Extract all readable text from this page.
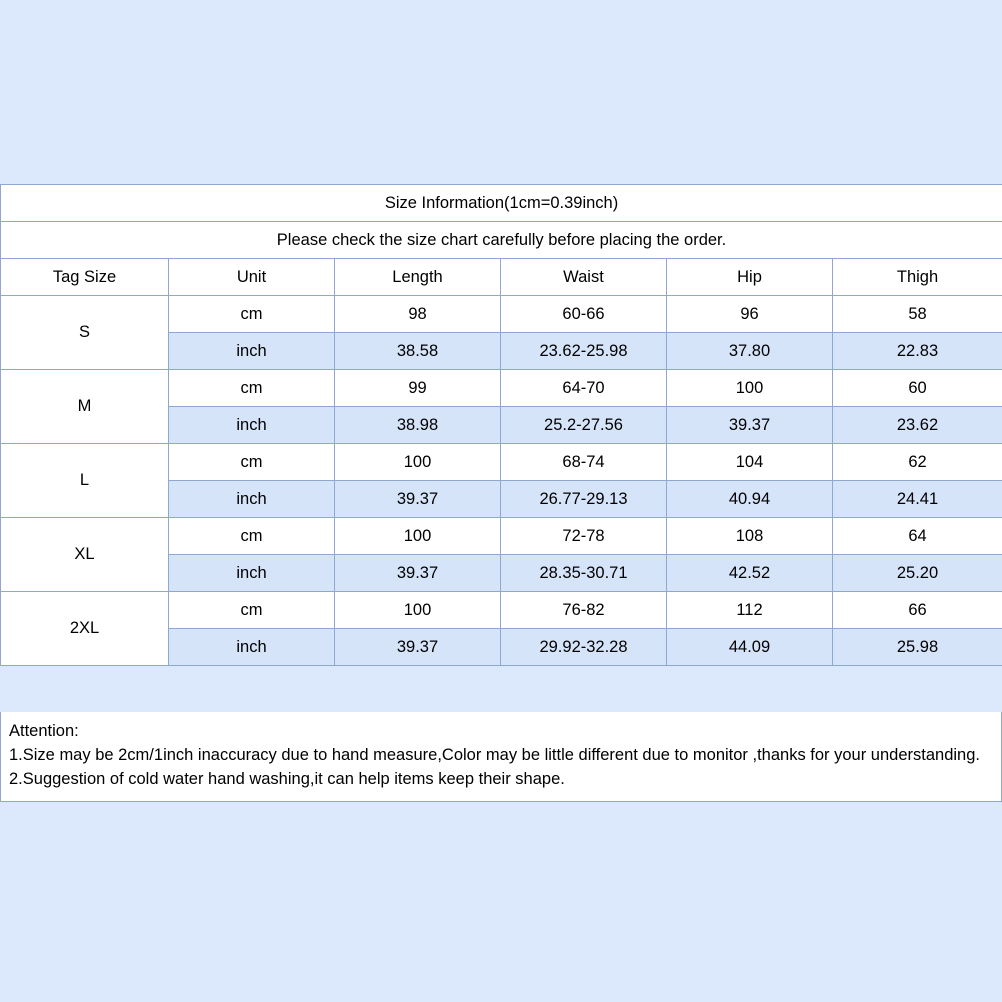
Size Information(1cm=0.39inch)					
Please check the size chart carefully before placing the order.					
Tag Size	Unit	Length	Waist	Hip	Thigh
S	cm	98	60-66	96	58
	inch	38.58	23.62-25.98	37.80	22.83
M	cm	99	64-70	100	60
	inch	38.98	25.2-27.56	39.37	23.62
L	cm	100	68-74	104	62
	inch	39.37	26.77-29.13	40.94	24.41
XL	cm	100	72-78	108	64
	inch	39.37	28.35-30.71	42.52	25.20
2XL	cm	100	76-82	112	66
	inch	39.37	29.92-32.28	44.09	25.98
Attention:
1.Size may be 2cm/1inch inaccuracy due to hand measure,Color may be little different due to monitor ,thanks for your understanding.
2.Suggestion of cold water hand washing,it can help items keep their shape.
